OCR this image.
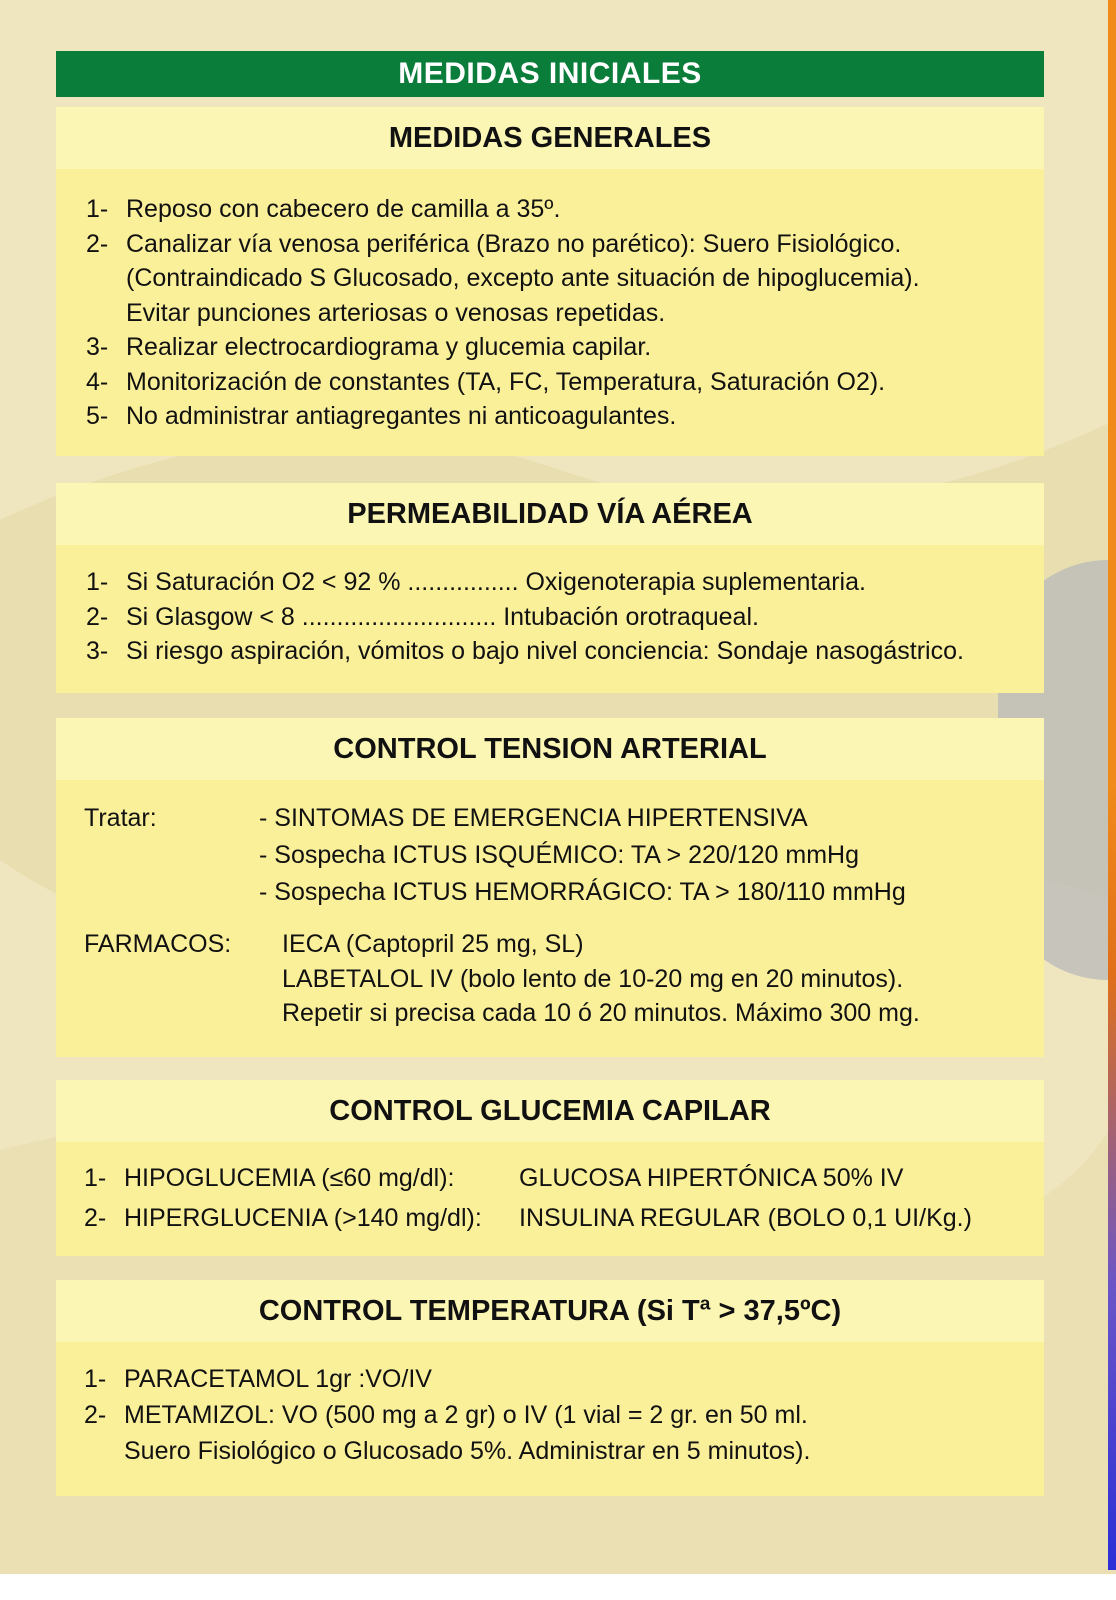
MEDIDAS INICIALES
MEDIDAS GENERALES
1- Reposo con cabecero de camilla a 35º.
2- Canalizar vía venosa periférica (Brazo no parético): Suero Fisiológico.
(Contraindicado S Glucosado, excepto ante situación de hipoglucemia).
Evitar punciones arteriosas o venosas repetidas.
3- Realizar electrocardiograma y glucemia capilar.
4- Monitorización de constantes (TA, FC, Temperatura, Saturación O2).
5- No administrar antiagregantes ni anticoagulantes.
PERMEABILIDAD VÍA AÉREA
1- Si Saturación O2 < 92 % ................ Oxigenoterapia suplementaria.
2- Si Glasgow < 8 ............................ Intubación orotraqueal.
3- Si riesgo aspiración, vómitos o bajo nivel conciencia: Sondaje nasogástrico.
CONTROL TENSION ARTERIAL
Tratar:	- SINTOMAS DE EMERGENCIA HIPERTENSIVA
- Sospecha ICTUS ISQUÉMICO: TA > 220/120 mmHg
- Sospecha ICTUS HEMORRÁGICO: TA > 180/110 mmHg
FARMACOS:	IECA (Captopril 25 mg, SL)
LABETALOL IV (bolo lento de 10-20 mg en 20 minutos).
Repetir si precisa cada 10 ó 20 minutos. Máximo 300 mg.
CONTROL GLUCEMIA CAPILAR
1- HIPOGLUCEMIA (≤60 mg/dl):	GLUCOSA HIPERTÓNICA 50% IV
2- HIPERGLUCENIA (>140 mg/dl):	INSULINA REGULAR (BOLO 0,1 UI/Kg.)
CONTROL TEMPERATURA (Si Tª > 37,5ºC)
1- PARACETAMOL 1gr :VO/IV
2- METAMIZOL: VO (500 mg a 2 gr) o IV (1 vial = 2 gr. en 50 ml.
Suero Fisiológico o Glucosado 5%. Administrar en 5 minutos).
